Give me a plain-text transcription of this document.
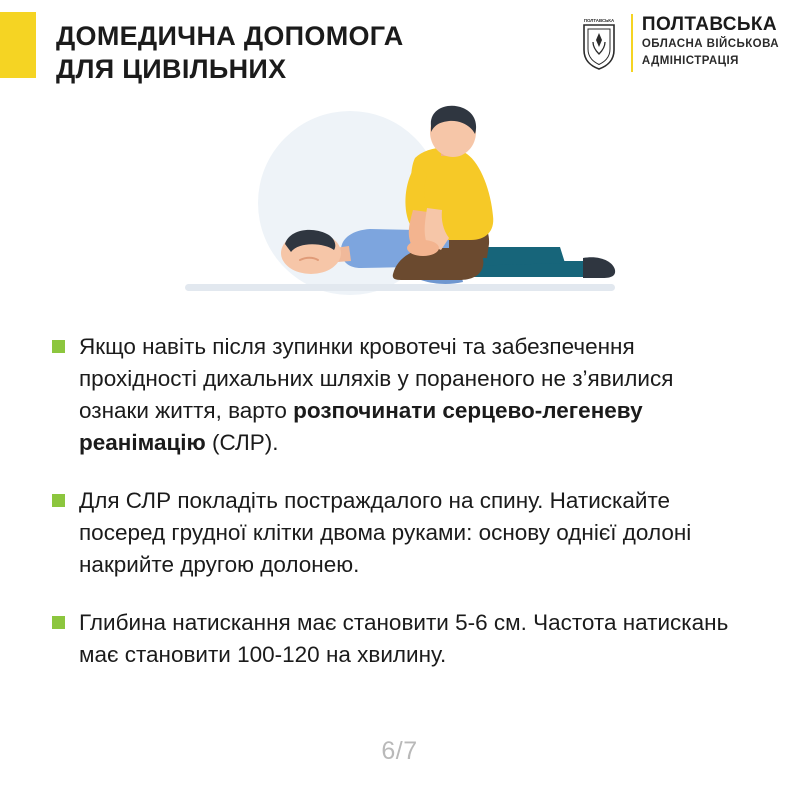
ДОМЕДИЧНА ДОПОМОГА
ДЛЯ ЦИВІЛЬНИХ
ПОЛТАВСЬКА ПОЛТАВСЬКА
ОБЛАСНА ВІЙСЬКОВА
АДМІНІСТРАЦІЯ
Якщо навіть після зупинки кровотечі та забезпечення прохідності дихальних шляхів у пораненого не з’явилися ознаки життя, варто розпочинати серцево-легеневу реанімацію (СЛР).
Для СЛР покладіть постраждалого на спину. Натискайте посеред грудної клітки двома руками: основу однієї долоні накрийте другою долонею.
Глибина натискання має становити 5-6 см. Частота натискань має становити 100-120 на хвилину.
6/7
